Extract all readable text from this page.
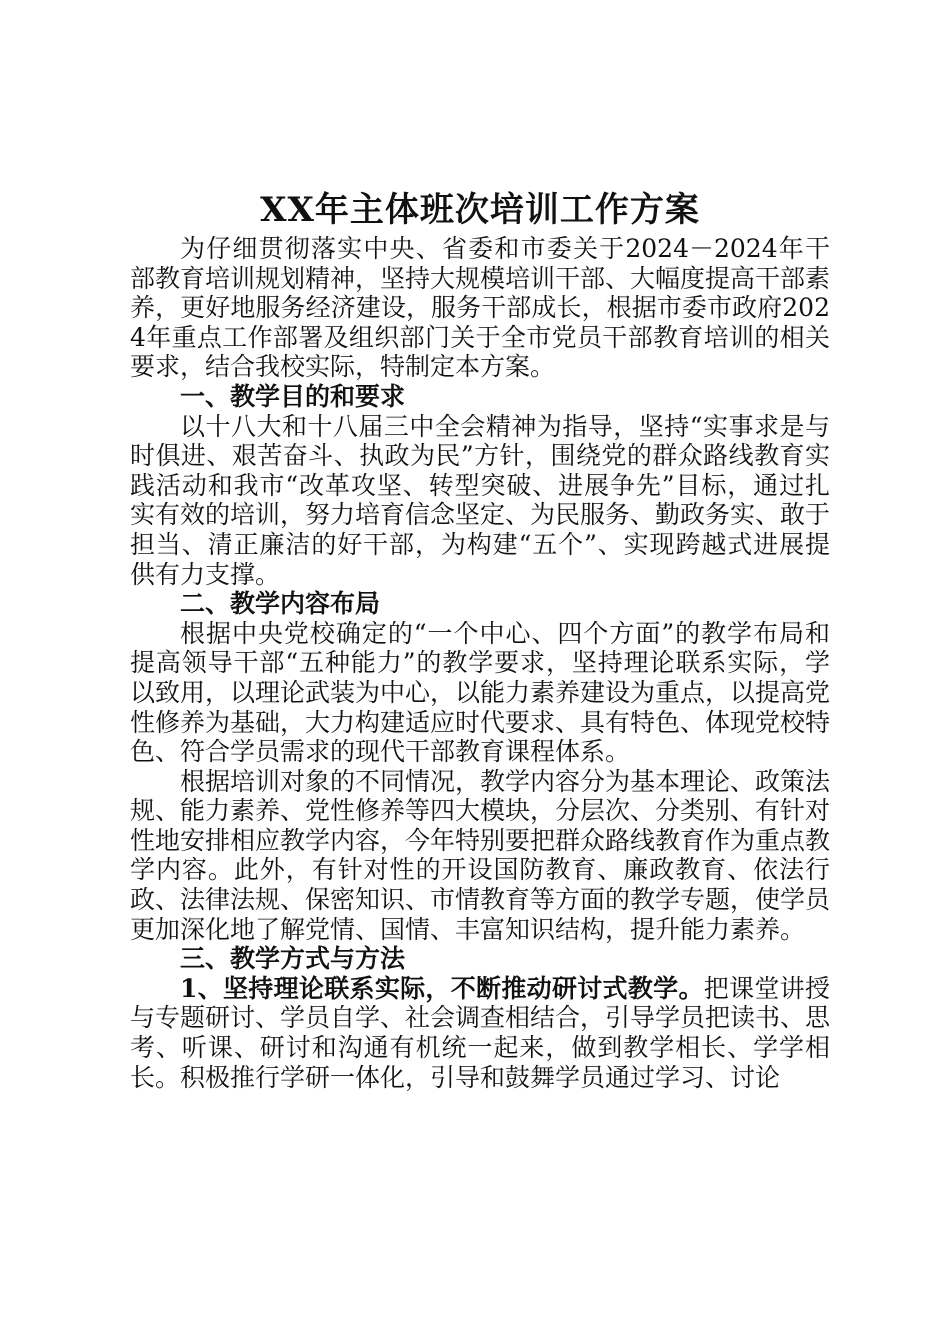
XX年主体班次培训工作方案

为仔细贯彻落实中央、省委和市委关于2024－2024年干部教育培训规划精神，坚持大规模培训干部、大幅度提高干部素养，更好地服务经济建设，服务干部成长，根据市委市政府2024年重点工作部署及组织部门关于全市党员干部教育培训的相关要求，结合我校实际，特制定本方案。

一、教学目的和要求

以十八大和十八届三中全会精神为指导，坚持“实事求是与时俱进、艰苦奋斗、执政为民”方针，围绕党的群众路线教育实践活动和我市“改革攻坚、转型突破、进展争先”目标，通过扎实有效的培训，努力培育信念坚定、为民服务、勤政务实、敢于担当、清正廉洁的好干部，为构建“五个”、实现跨越式进展提供有力支撑。

二、教学内容布局

根据中央党校确定的“一个中心、四个方面”的教学布局和提高领导干部“五种能力”的教学要求，坚持理论联系实际，学以致用，以理论武装为中心，以能力素养建设为重点，以提高党性修养为基础，大力构建适应时代要求、具有特色、体现党校特色、符合学员需求的现代干部教育课程体系。

根据培训对象的不同情况，教学内容分为基本理论、政策法规、能力素养、党性修养等四大模块，分层次、分类别、有针对性地安排相应教学内容，今年特别要把群众路线教育作为重点教学内容。此外，有针对性的开设国防教育、廉政教育、依法行政、法律法规、保密知识、市情教育等方面的教学专题，使学员更加深化地了解党情、国情、丰富知识结构，提升能力素养。

三、教学方式与方法

1、坚持理论联系实际，不断推动研讨式教学。把课堂讲授与专题研讨、学员自学、社会调查相结合，引导学员把读书、思考、听课、研讨和沟通有机统一起来，做到教学相长、学学相长。积极推行学研一体化，引导和鼓舞学员通过学习、讨论
